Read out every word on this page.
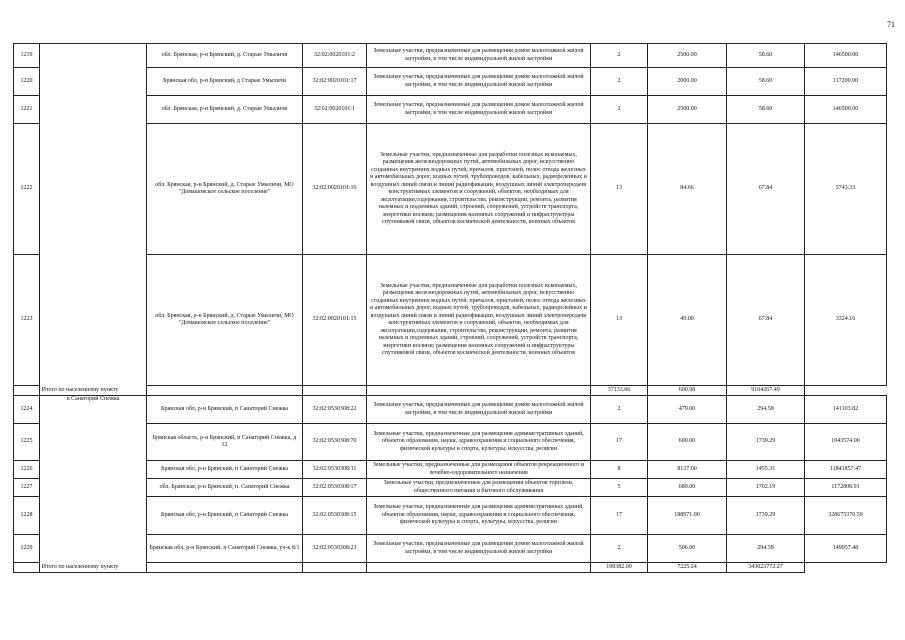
71
1219		обл. Брянская, р-н Брянский, д. Старые Умыличи	32:02:0020101:2	Земельные участки, предназначенные для размещения домов малоэтажной жилой застройки, в том числе индивидуальной жилой застройки	2	2500.00	58.60	146500.00
1220		Брянская обл, р-н Брянский, д Старые Умыличи	32:02:0020101:17	Земельные участки, предназначенные для размещения домов малоэтажной жилой застройки, в том числе индивидуальной жилой застройки	2	2000.00	58.60	117200.00
1221		обл. Брянская, р-н Брянский, д. Старые Умыличи	32:02:0020101:1	Земельные участки, предназначенные для размещения домов малоэтажной жилой застройки, в том числе индивидуальной жилой застройки	2	2500.00	58.60	146500.00
1222		обл. Брянская, р-н Брянский, д. Старые Умыличи, МО "Домашовское сельское поселение"	32:02:0020101:16	Земельные участки, предназначенные для разработки полезных ископаемых, размещения железнодорожных путей, автомобильных дорог, искусственно созданных внутренних водных путей, причалов, пристаней, полос отвода железных и автомобильных дорог, водных путей, трубопроводов, кабельных, радиорелейных и воздушных линий связи и линий радиофикации, воздушных линий электропередачи конструктивных элементов и сооружений, объектов, необходимых для эксплуатации,содержания, строительства, реконструкции, ремонта, развития наземных и подземных зданий, строений, сооружений, устройств транспорта, энергетики иосвязи; размещения наземных сооружений и инфраструктуры спутниковой связи, объектов космической деятельности, военных объектов	13	84.66	67.84	5743.33
1223		обл. Брянская, р-н Брянский, д. Старые Умыличи, МО "Домашовское сельское поселение"	32:02:0020101:15	Земельные участки, предназначенные для разработки полезных ископаемых, размещения железнодорожных путей, автомобильных дорог, искусственно созданных внутренних водных путей, причалов, пристаней, полос отвода железных и автомобильных дорог, водных путей, трубопроводов, кабельных, радиорелейных и воздушных линий связи и линий радиофикации, воздушных линий электропередачи конструктивных элементов и сооружений, объектов, необходимых для эксплуатации,содержания, строительства, реконструкции, ремонта, развития наземных и подземных зданий, строений, сооружений, устройств транспорта, энергетики иосвязи; размещения наземных сооружений и инфраструктуры спутниковой связи, объектов космической деятельности, военных объектов	13	49.00	67.84	3324.16
Итого по населенному пункту					37133.66	600.98	9104267.49	
1224	п Санаторий Снежка	Брянская обл, р-н Брянский, п Санаторий Снежка	32:02:0530308:22	Земельные участки, предназначенные для размещения домов малоэтажной жилой застройки, в том числе индивидуальной жилой застройки	2	479.00	294.58	141103.82
1225		Брянская область, р-н Брянский, п Санаторий Снежка, д 12	32:02:0530308:70	Земельные участки, предназначенные для размещения административных зданий, объектов образования, науки, здравоохранения и социального обеспечения, физической культуры и спорта, культуры, искусства, религии	17	600.00	1739.29	1043574.00
1226		Брянская обл, р-н Брянский, п Санаторий Снежка	32:02:0530308:11	Земельные участки, предназначенные для размещения объектов рекреационного и лечебно-оздоровительного назначения	8	8137.00	1455.31	11841857.47
1227		обл. Брянская, р-н Брянский, п. Санаторий Снежка	32:02:0530308:17	Земельные участки, предназначенные для размещения объектов торговли, общественного питания и бытового обслуживания	5	689.00	1702.19	1172808.91
1228		Брянская обл, р-н Брянский, п Санаторий Снежка	32:02:0530308:15	Земельные участки, предназначенные для размещения административных зданий, объектов образования, науки, здравоохранения и социального обеспечения, физической культуры и спорта, культуры, искусства, религии	17	188971.00	1739.29	328675370.59
1229		Брянская обл, р-н Брянский, п Санаторий Снежка, уч-к 8/1	32:02:0530308:23	Земельные участки, предназначенные для размещения домов малоэтажной жилой застройки, в том числе индивидуальной жилой застройки	2	506.00	294.58	149057.48
Итого по населенному пункту					199382.00	7225.24	343023772.27	
